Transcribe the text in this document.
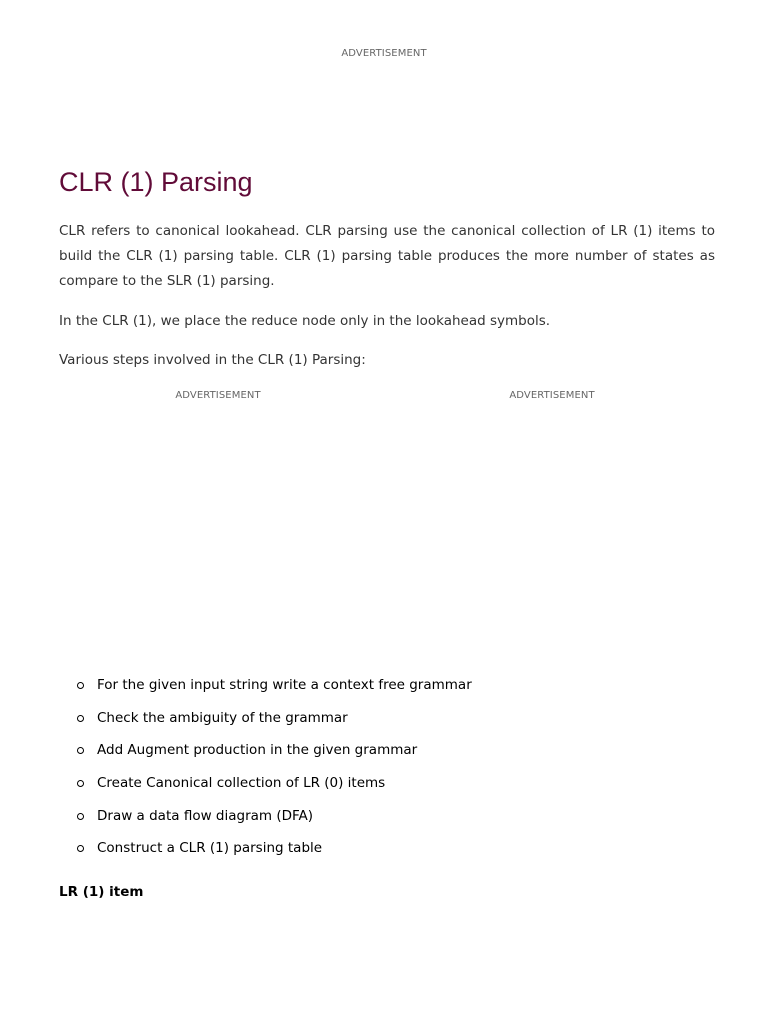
ADVERTISEMENT
CLR (1) Parsing

CLR refers to canonical lookahead. CLR parsing use the canonical collection of LR (1) items to build the CLR (1) parsing table. CLR (1) parsing table produces the more number of states as compare to the SLR (1) parsing.

In the CLR (1), we place the reduce node only in the lookahead symbols.

Various steps involved in the CLR (1) Parsing:

ADVERTISEMENT	ADVERTISEMENT
For the given input string write a context free grammar
Check the ambiguity of the grammar
Add Augment production in the given grammar
Create Canonical collection of LR (0) items
Draw a data flow diagram (DFA)
Construct a CLR (1) parsing table
LR (1) item
